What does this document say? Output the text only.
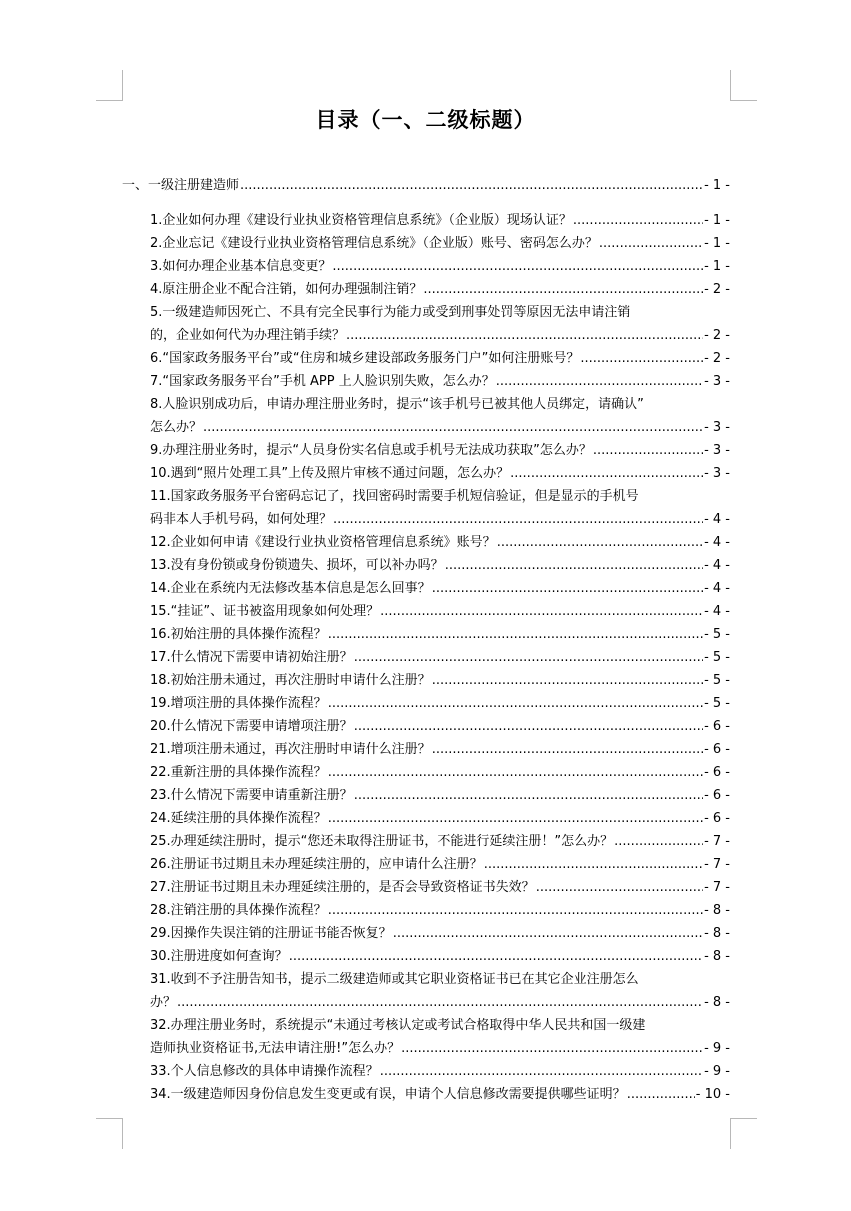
目录（一、二级标题）
一、一级注册建造师 .....	- 1 -
1.企业如何办理《建设行业执业资格管理信息系统》（企业版）现场认证？ .....	- 1 -
2.企业忘记《建设行业执业资格管理信息系统》（企业版）账号、密码怎么办？ .....	- 1 -
3.如何办理企业基本信息变更？ .....	- 1 -
4.原注册企业不配合注销，如何办理强制注销？ .....	- 2 -
5.一级建造师因死亡、不具有完全民事行为能力或受到刑事处罚等原因无法申请注销
的，企业如何代为办理注销手续？ .....	- 2 -
6.“国家政务服务平台”或“住房和城乡建设部政务服务门户”如何注册账号？ .....	- 2 -
7.“国家政务服务平台”手机 APP 上人脸识别失败，怎么办？ .....	- 3 -
8.人脸识别成功后，申请办理注册业务时，提示“该手机号已被其他人员绑定，请确认”
怎么办？ .....	- 3 -
9.办理注册业务时，提示“人员身份实名信息或手机号无法成功获取”怎么办？ .....	- 3 -
10.遇到“照片处理工具”上传及照片审核不通过问题，怎么办？ .....	- 3 -
11.国家政务服务平台密码忘记了，找回密码时需要手机短信验证，但是显示的手机号
码非本人手机号码，如何处理？ .....	- 4 -
12.企业如何申请《建设行业执业资格管理信息系统》账号？ .....	- 4 -
13.没有身份锁或身份锁遗失、损坏，可以补办吗？ .....	- 4 -
14.企业在系统内无法修改基本信息是怎么回事？ .....	- 4 -
15.“挂证”、证书被盗用现象如何处理？ .....	- 4 -
16.初始注册的具体操作流程？ .....	- 5 -
17.什么情况下需要申请初始注册？ .....	- 5 -
18.初始注册未通过，再次注册时申请什么注册？ .....	- 5 -
19.增项注册的具体操作流程？ .....	- 5 -
20.什么情况下需要申请增项注册？ .....	- 6 -
21.增项注册未通过，再次注册时申请什么注册？ .....	- 6 -
22.重新注册的具体操作流程？ .....	- 6 -
23.什么情况下需要申请重新注册？ .....	- 6 -
24.延续注册的具体操作流程？ .....	- 6 -
25.办理延续注册时，提示“您还未取得注册证书，不能进行延续注册！”怎么办？ .....	- 7 -
26.注册证书过期且未办理延续注册的，应申请什么注册？ .....	- 7 -
27.注册证书过期且未办理延续注册的，是否会导致资格证书失效？ .....	- 7 -
28.注销注册的具体操作流程？ .....	- 8 -
29.因操作失误注销的注册证书能否恢复？ .....	- 8 -
30.注册进度如何查询？ .....	- 8 -
31.收到不予注册告知书，提示二级建造师或其它职业资格证书已在其它企业注册怎么
办？ .....	- 8 -
32.办理注册业务时，系统提示“未通过考核认定或考试合格取得中华人民共和国一级建
造师执业资格证书,无法申请注册!”怎么办？ .....	- 9 -
33.个人信息修改的具体申请操作流程？ .....	- 9 -
34.一级建造师因身份信息发生变更或有误，申请个人信息修改需要提供哪些证明？ .....	- 10 -
